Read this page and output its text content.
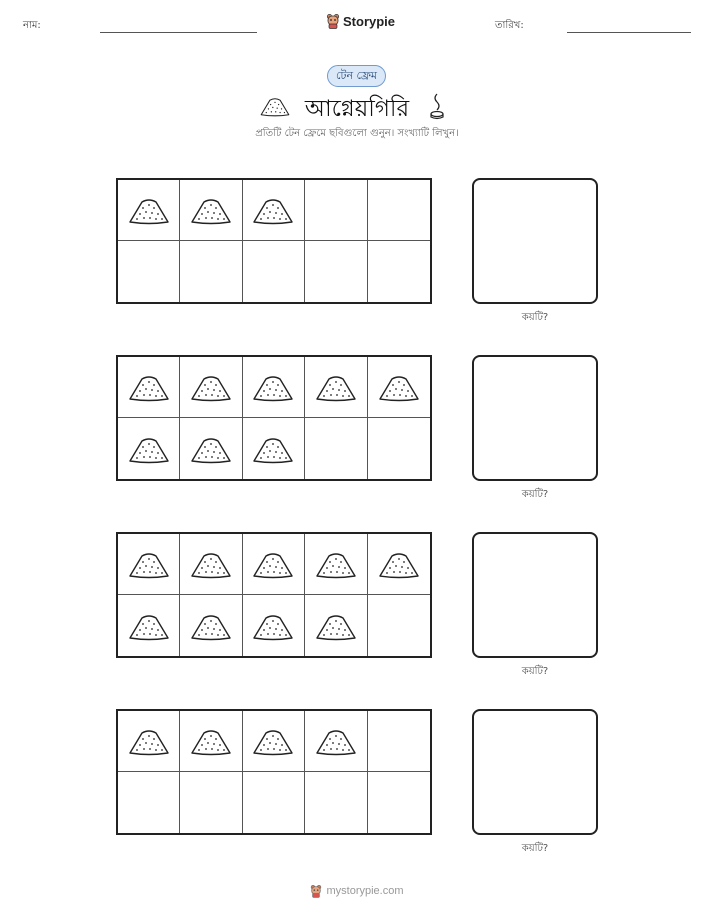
নাম:	Storypie	তারিখ:
টেন ফ্রেম
আগ্নেয়গিরি
প্রতিটি টেন ফ্রেমে ছবিগুলো গুনুন। সংখ্যাটি লিখুন।
কয়টি?
কয়টি?
কয়টি?
কয়টি?
mystorypie.com
